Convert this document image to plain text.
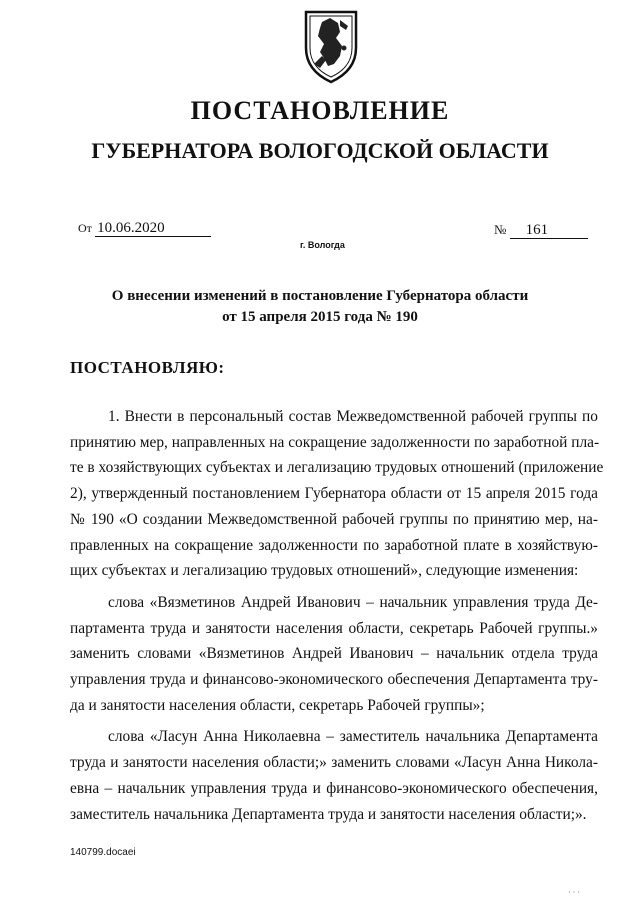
ПОСТАНОВЛЕНИЕ
ГУБЕРНАТОРА ВОЛОГОДСКОЙ ОБЛАСТИ
От 10.06.2020	№ 161
г. Вологда
О внесении изменений в постановление Губернатора области
от 15 апреля 2015 года № 190
ПОСТАНОВЛЯЮ:

1. Внести в персональный состав Межведомственной рабочей группы по
принятию мер, направленных на сокращение задолженности по заработной пла-
те в хозяйствующих субъектах и легализацию трудовых отношений (приложение
2), утвержденный постановлением Губернатора области от 15 апреля 2015 года
№ 190 «О создании Межведомственной рабочей группы по принятию мер, на-
правленных на сокращение задолженности по заработной плате в хозяйствую-
щих субъектах и легализацию трудовых отношений», следующие изменения:

слова «Вязметинов Андрей Иванович – начальник управления труда Де-
партамента труда и занятости населения области, секретарь Рабочей группы.»
заменить словами «Вязметинов Андрей Иванович – начальник отдела труда
управления труда и финансово-экономического обеспечения Департамента тру-
да и занятости населения области, секретарь Рабочей группы»;

слова «Ласун Анна Николаевна – заместитель начальника Департамента
труда и занятости населения области;» заменить словами «Ласун Анна Никола-
евна – начальник управления труда и финансово-экономического обеспечения,
заместитель начальника Департамента труда и занятости населения области;».

140799.docaei
· · ·
